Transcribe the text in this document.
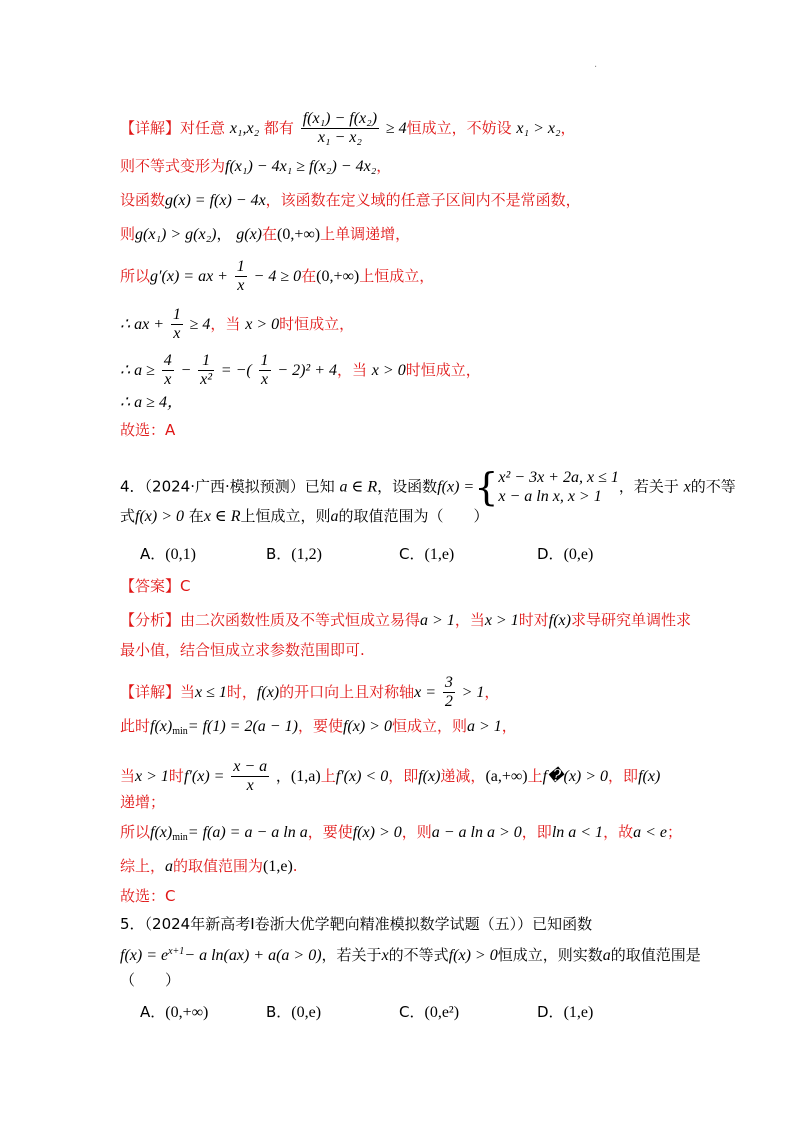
·
【详解】对任意 x₁,x₂ 都有 $\frac{\text{f(x₁) − f(x₂)}}{\text{x₁ − x₂}} \ge 4$恒成立，不妨设 x₁ > x₂，
则不等式变形为f(x₁) − 4x₁ ≥ f(x₂) − 4x₂，
设函数g(x) = f(x) − 4x，该函数在定义域的任意子区间内不是常函数，
则g(x₁) > g(x₂)， g(x)在(0,+∞)上单调递增，
所以g′(x) = ax + $\frac{1}{x} - 4 \ge 0$在(0,+∞)上恒成立，
∴ ax + $\frac{1}{x} \ge 4$，当 x > 0时恒成立，
∴ $a \ge \frac{4}{x} - \frac{1}{\text{x²}}$ = −( $\frac{1}{x} - 2)^2 + 4$，当 x > 0时恒成立，
∴ a ≥ 4，
故选：A
4．（2024·广西·模拟预测）已知 a ∈ R，设函数f(x) ={ x² − 3x + 2a, x ≤ 1
x − a ln x, x > 1
，若关于 x的不等
式f(x) > 0 在x ∈ R上恒成立，则a的取值范围为（　　）
A．(0,1)	B．(1,2)	C．(1,e)	D．(0,e)
【答案】C
【分析】由二次函数性质及不等式恒成立易得a > 1，当x > 1时对f(x)求导研究单调性求
最小值，结合恒成立求参数范围即可.
【详解】当x ≤ 1时，f(x)的开口向上且对称轴$x = \frac{3}{2} > 1$，
此时$f(x)_{min}= f(1) = 2(a - 1)$，要使f(x) > 0恒成立，则a > 1，
当x > 1时$f'(x) = \frac{x - a}{x}$ ，(1,a)上f′(x) < 0，即f(x)递减，(a,+∞)上f�(x) > 0，即f(x)
递增；
所以$f(x)_{min}= f(a) = a - a$ ln a，要使f(x) > 0，则a − a ln a > 0，即ln a < 1，故a < e；
综上，a的取值范围为(1,e).
故选：C
5．（2024年新高考Ⅰ卷浙大优学靶向精准模拟数学试题（五））已知函数
$f(x) = e^{x+1}- a$ ln(ax) + a(a > 0)，若关于x的不等式f(x) > 0恒成立，则实数a的取值范围是
（　　）
A．(0,+∞)	B．(0,e)	C．(0,e²)	D．(1,e)
